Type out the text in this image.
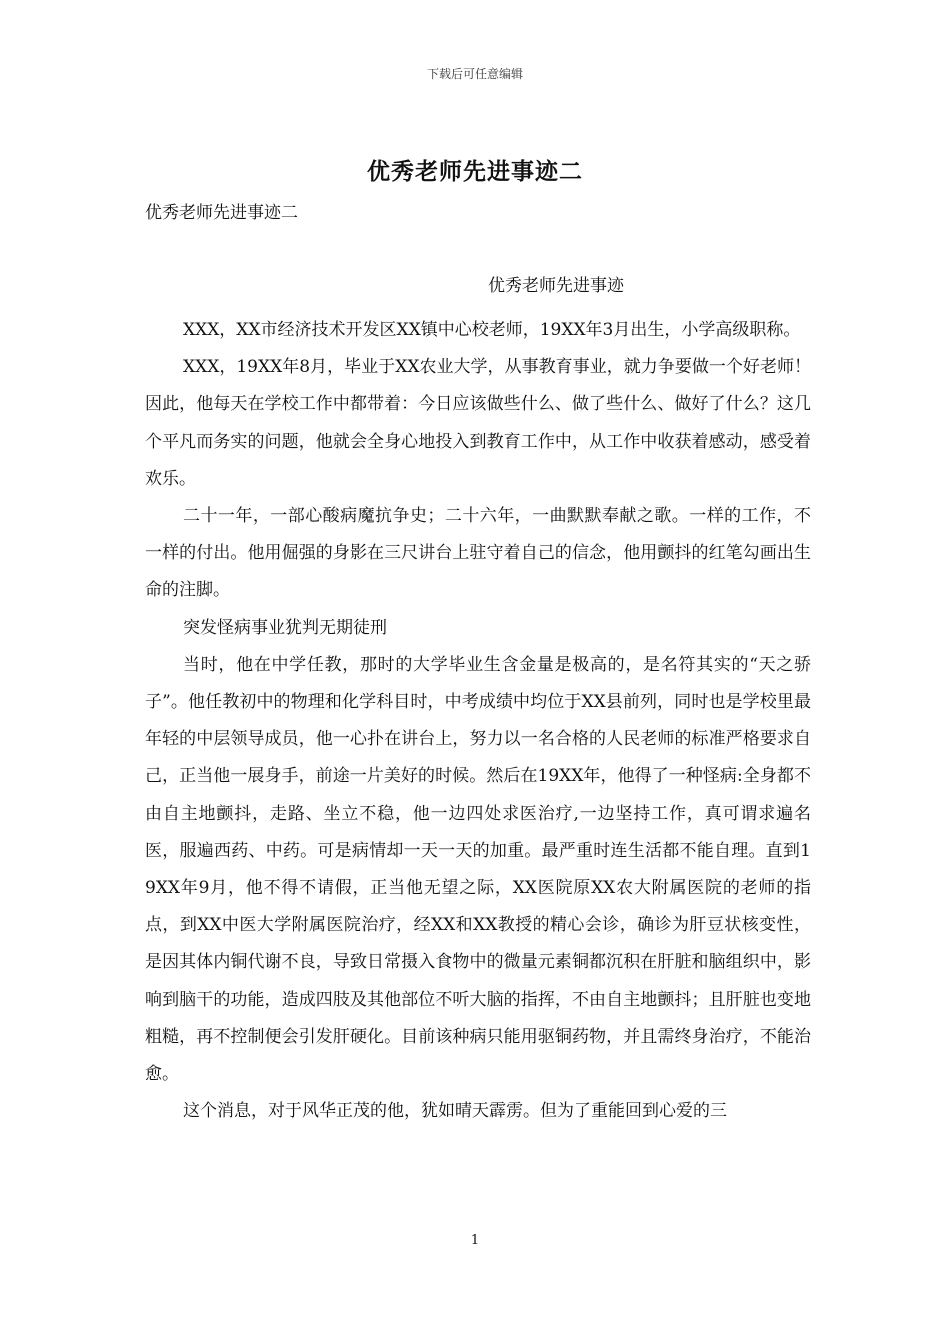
下载后可任意编辑
优秀老师先进事迹二
优秀老师先进事迹二
优秀老师先进事迹

XXX，XX市经济技术开发区XX镇中心校老师，19XX年3月出生，小学高级职称。

XXX，19XX年8月，毕业于XX农业大学，从事教育事业，就力争要做一个好老师！因此，他每天在学校工作中都带着：今日应该做些什么、做了些什么、做好了什么？这几个平凡而务实的问题，他就会全身心地投入到教育工作中，从工作中收获着感动，感受着欢乐。

二十一年，一部心酸病魔抗争史；二十六年，一曲默默奉献之歌。一样的工作，不一样的付出。他用倔强的身影在三尺讲台上驻守着自己的信念，他用颤抖的红笔勾画出生命的注脚。

突发怪病事业犹判无期徒刑

当时，他在中学任教，那时的大学毕业生含金量是极高的，是名符其实的“天之骄子”。他任教初中的物理和化学科目时，中考成绩中均位于XX县前列，同时也是学校里最年轻的中层领导成员，他一心扑在讲台上，努力以一名合格的人民老师的标准严格要求自己，正当他一展身手，前途一片美好的时候。然后在19XX年，他得了一种怪病:全身都不由自主地颤抖，走路、坐立不稳，他一边四处求医治疗,一边坚持工作，真可谓求遍名医，服遍西药、中药。可是病情却一天一天的加重。最严重时连生活都不能自理。直到19XX年9月，他不得不请假，正当他无望之际，XX医院原XX农大附属医院的老师的指点，到XX中医大学附属医院治疗，经XX和XX教授的精心会诊，确诊为肝豆状核变性，是因其体内铜代谢不良，导致日常摄入食物中的微量元素铜都沉积在肝脏和脑组织中，影响到脑干的功能，造成四肢及其他部位不听大脑的指挥，不由自主地颤抖；且肝脏也变地粗糙，再不控制便会引发肝硬化。目前该种病只能用驱铜药物，并且需终身治疗，不能治愈。

这个消息，对于风华正茂的他，犹如晴天霹雳。但为了重能回到心爱的三

1
